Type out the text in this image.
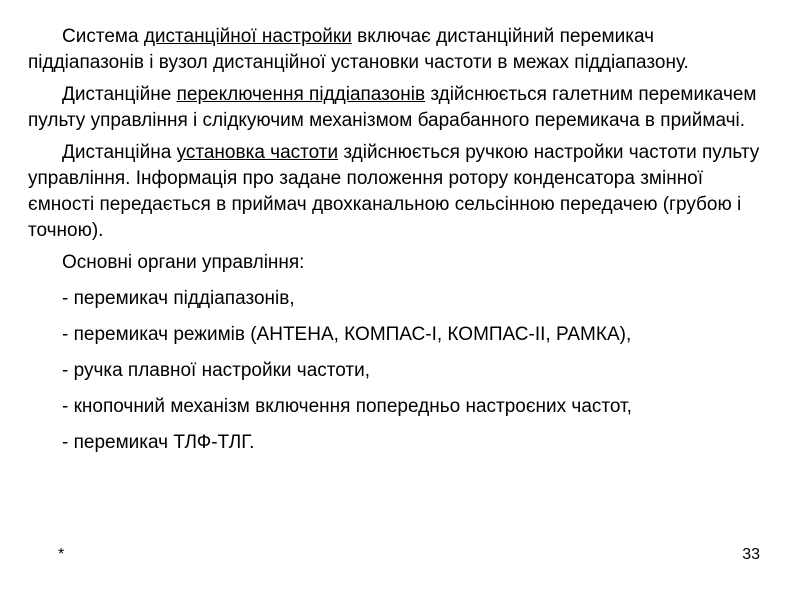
Система дистанційної настройки включає дистанційний перемикач піддіапазонів і вузол дистанційної установки частоти в межах піддіапазону.

Дистанційне переключення піддіапазонів здійснюється галетним перемикачем пульту управління і слідкуючим механізмом барабанного перемикача в приймачі.

Дистанційна установка частоти здійснюється ручкою настройки частоти пульту управління. Інформація про задане положення ротору конденсатора змінної ємності передається в приймач двохканальною сельсінною передачею (грубою і точною).

Основні органи управління:

- перемикач піддіапазонів,

- перемикач режимів (АНТЕНА, КОМПАС-І, КОМПАС-ІІ, РАМКА),

- ручка плавної настройки частоти,

- кнопочний механізм включення попередньо настроєних частот,

- перемикач ТЛФ-ТЛГ.

*	33
